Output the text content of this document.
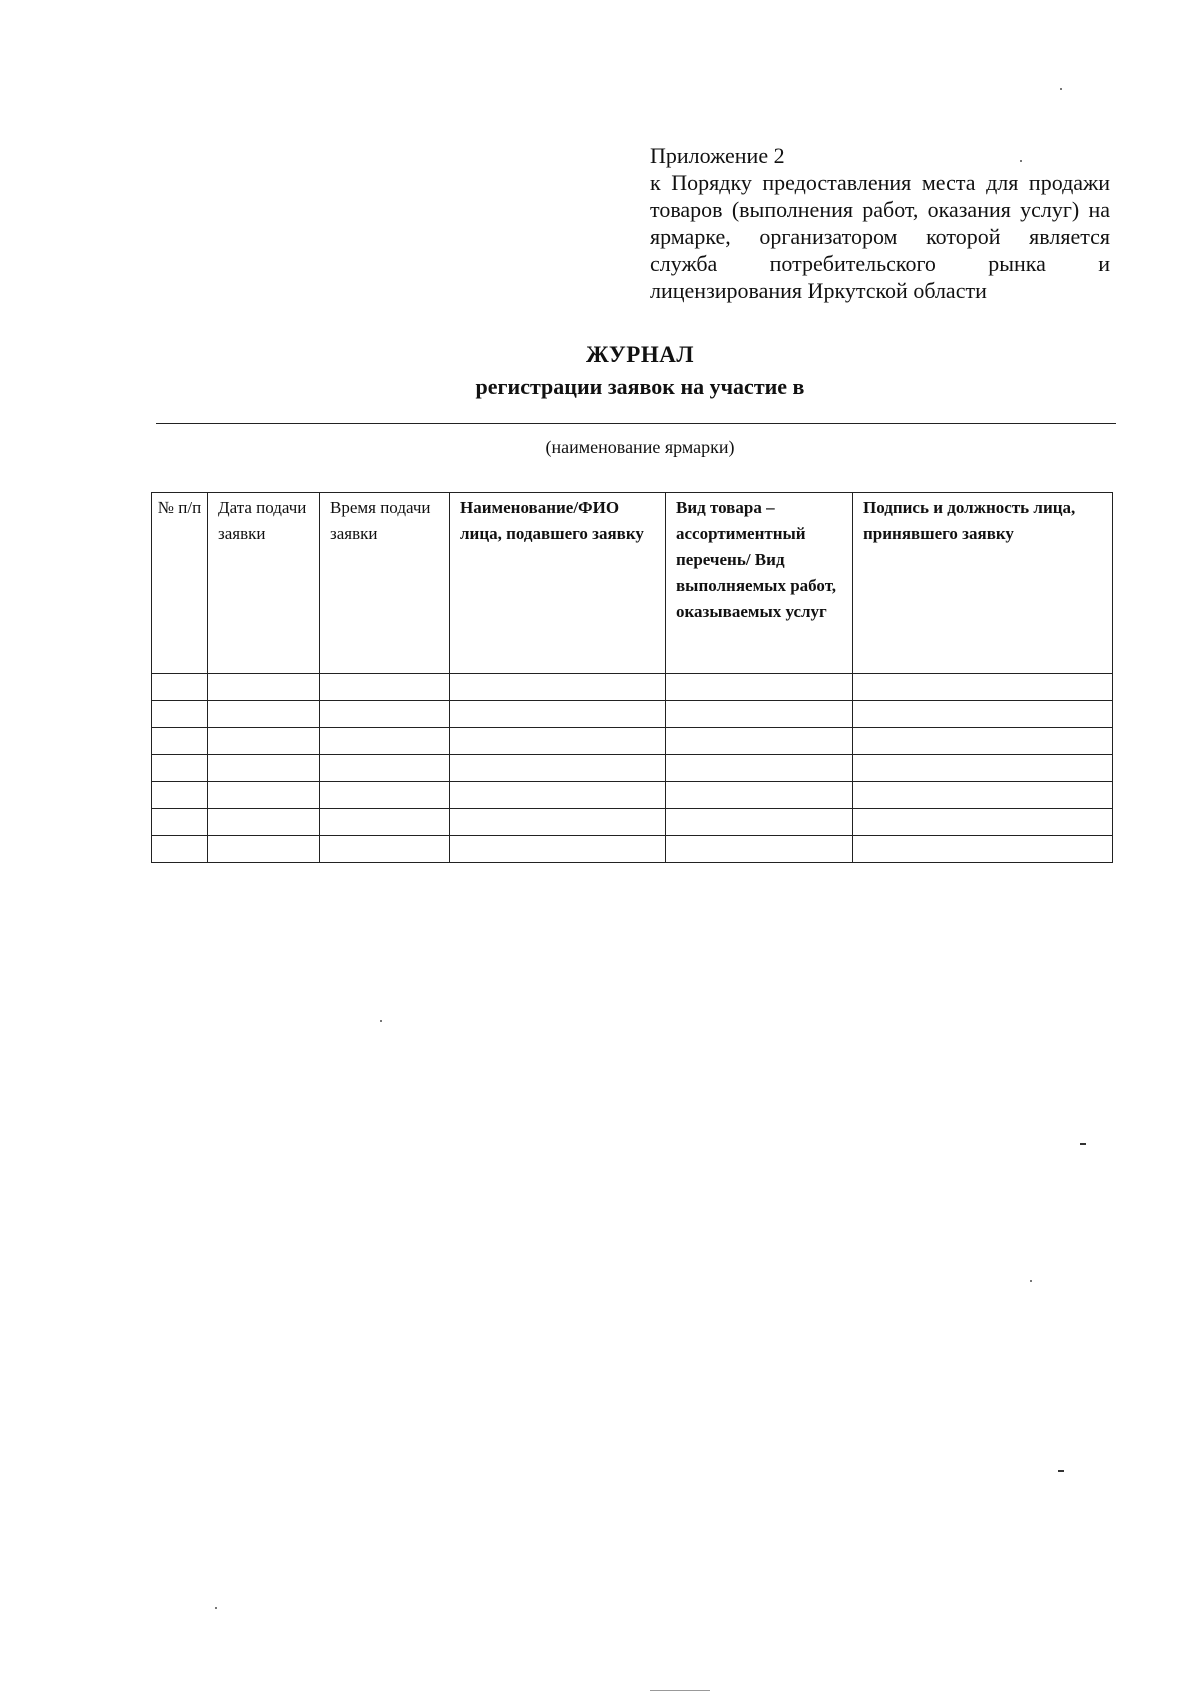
Приложение 2
к Порядку предоставления места для продажи товаров (выполнения работ, оказания услуг) на ярмарке, организатором которой является служба потребительского рынка и лицензирования Иркутской области
ЖУРНАЛ
регистрации заявок на участие в
(наименование ярмарки)
№ п/п	Дата подачи заявки	Время подачи заявки	Наименование/ФИО лица, подавшего заявку	Вид товара – ассортиментный перечень/ Вид выполняемых работ, оказываемых услуг	Подпись и должность лица, принявшего заявку
